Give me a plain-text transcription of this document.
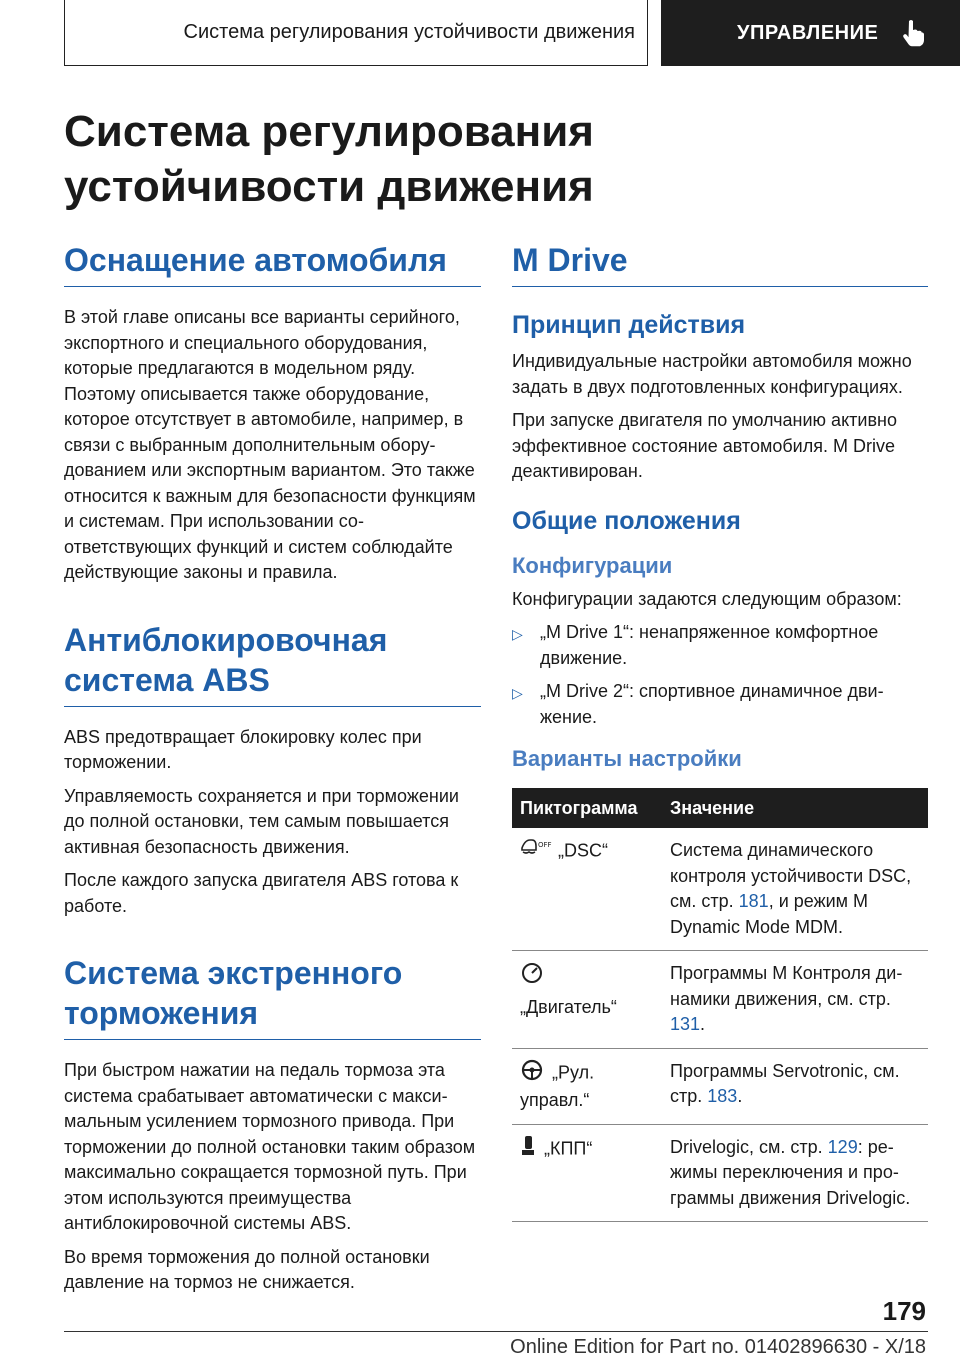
Система регулирования устойчивости движения	УПРАВЛЕНИЕ
Система регулирования устойчивости движения
Оснащение автомобиля

В этой главе описаны все варианты серийного, экспортного и специального оборудования, которые предлагаются в модельном ряду. Поэтому описывается также оборудование, которое отсутствует в автомобиле, например, в связи с выбранным дополнительным оборудованием или экспортным вариантом. Это также относится к важным для безопасности функциям и системам. При использовании соответствующих функций и систем соблюдайте действующие законы и правила.

Антиблокировочная система ABS

ABS предотвращает блокировку колес при торможении.

Управляемость сохраняется и при торможении до полной остановки, тем самым повышается активная безопасность движения.

После каждого запуска двигателя ABS готова к работе.

Система экстренного торможения

При быстром нажатии на педаль тормоза эта система срабатывает автоматически с максимальным усилением тормозного привода. При торможении до полной остановки таким образом максимально сокращается тормозной путь. При этом используются преимущества антиблокировочной системы ABS.

Во время торможения до полной остановки давление на тормоз не снижается.

M Drive
Принцип действия

Индивидуальные настройки автомобиля можно задать в двух подготовленных конфигурациях.

При запуске двигателя по умолчанию активно эффективное состояние автомобиля. M Drive деактивирован.

Общие положения
Конфигурации

Конфигурации задаются следующим образом:

▷ „M Drive 1“: ненапряженное комфортное движение.
▷ „M Drive 2“: спортивное динамичное движение.
Варианты настройки
Пиктограмма	Значение

OFF „DSC“	Система динамического контроля устойчивости DSC, см. стр. 181, и режим M Dynamic Mode MDM.

„Двигатель“	Программы M Контроля динамики движения, см. стр. 131.
„Рул. управл.“	Программы Servotronic, см. стр. 183.
„КПП“	Drivelogic, см. стр. 129: режимы переключения и программы движения Drivelogic.
179
Online Edition for Part no. 01402896630 - X/18
